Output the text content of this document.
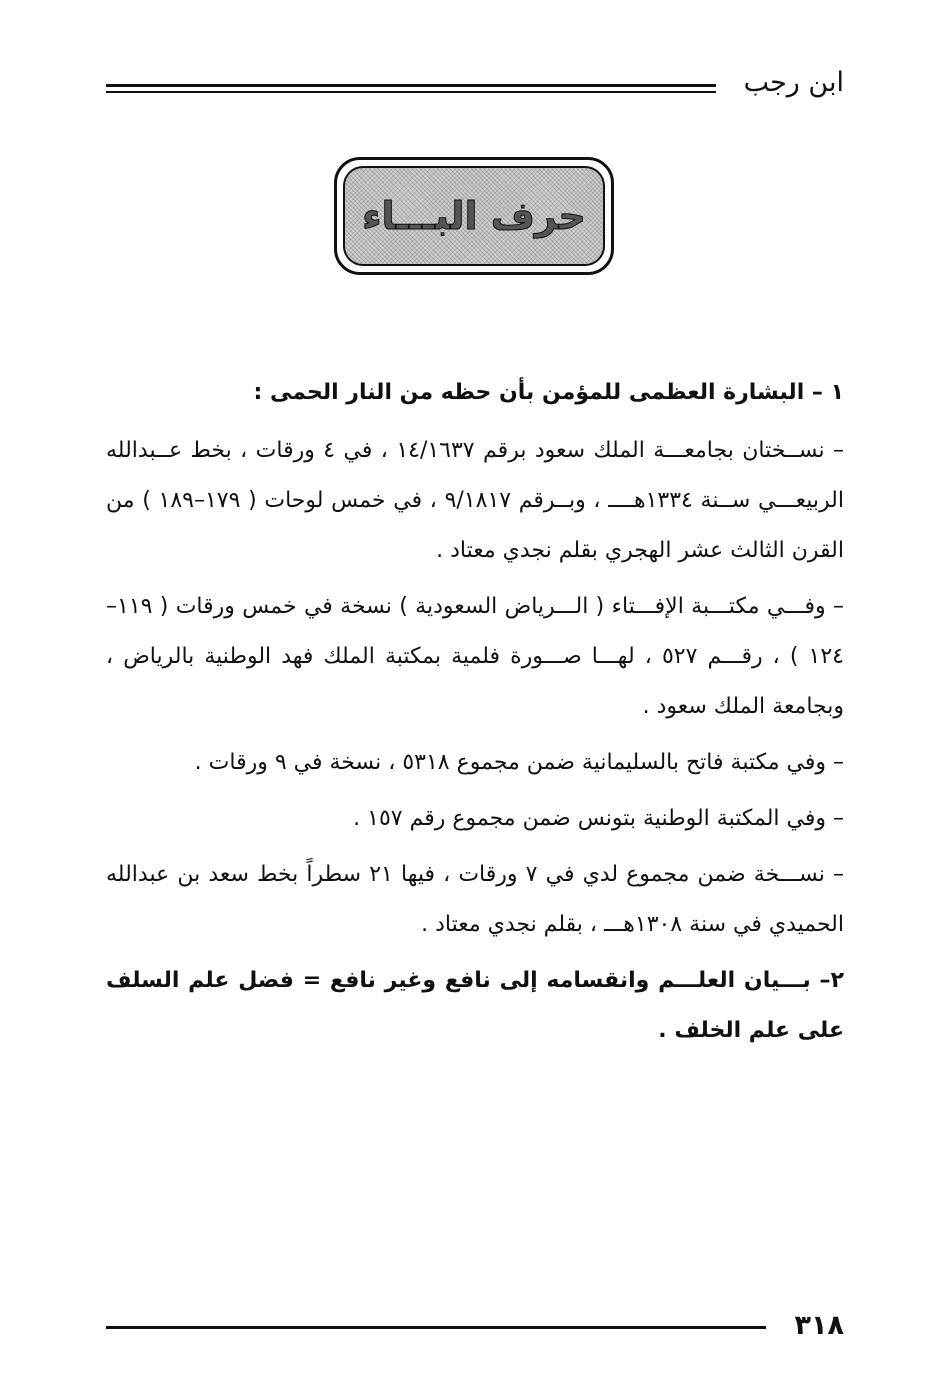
ابن رجب
حرف البـــاء
١ – البشارة العظمى للمؤمن بأن حظه من النار الحمى :

– نســختان بجامعـــة الملك سعود برقم ١٤/١٦٣٧ ، في ٤ ورقات ، بخط عــبدالله الربيعـــي ســنة ١٣٣٤هــــ ، وبــرقم ٩/١٨١٧ ، في خمس لوحات ( ١٧٩–١٨٩ ) من القرن الثالث عشر الهجري بقلم نجدي معتاد .

– وفـــي مكتـــبة الإفـــتاء ( الـــرياض السعودية ) نسخة في خمس ورقات ( ١١٩–١٢٤ ) ، رقـــم ٥٢٧ ، لهـــا صـــورة فلمية بمكتبة الملك فهد الوطنية بالرياض ، وبجامعة الملك سعود .

– وفي مكتبة فاتح بالسليمانية ضمن مجموع ٥٣١٨ ، نسخة في ٩ ورقات .

– وفي المكتبة الوطنية بتونس ضمن مجموع رقم ١٥٧ .

– نســـخة ضمن مجموع لدي في ٧ ورقات ، فيها ٢١ سطراً بخط سعد بن عبدالله الحميدي في سنة ١٣٠٨هـــ ، بقلم نجدي معتاد .

٢– بـــيان العلـــم وانقسامه إلى نافع وغير نافع = فضل علم السلف على علم الخلف .

٣١٨
